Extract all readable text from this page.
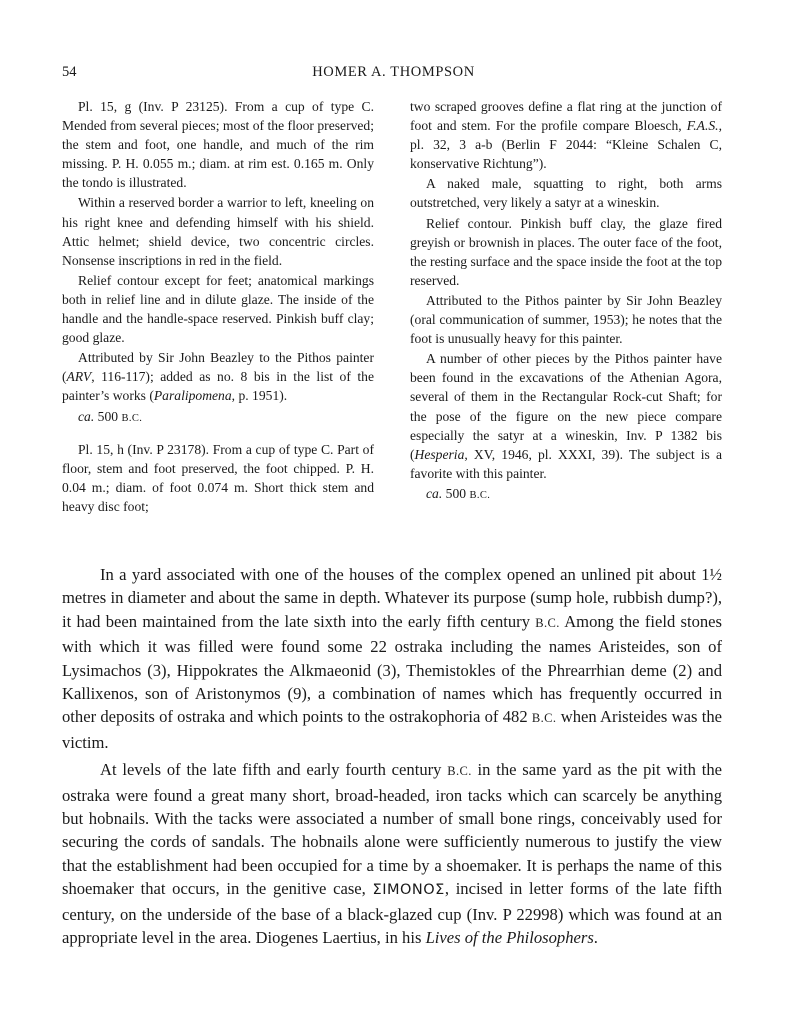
54	HOMER A. THOMPSON

Pl. 15, g (Inv. P 23125). From a cup of type C. Mended from several pieces; most of the floor preserved; the stem and foot, one handle, and much of the rim missing. P. H. 0.055 m.; diam. at rim est. 0.165 m. Only the tondo is illustrated.

Within a reserved border a warrior to left, kneeling on his right knee and defending himself with his shield. Attic helmet; shield device, two concentric circles. Nonsense inscriptions in red in the field.

Relief contour except for feet; anatomical markings both in relief line and in dilute glaze. The inside of the handle and the handle-space reserved. Pinkish buff clay; good glaze.

Attributed by Sir John Beazley to the Pithos painter (ARV, 116-117); added as no. 8 bis in the list of the painter’s works (Paralipomena, p. 1951).

ca. 500 B.C.

Pl. 15, h (Inv. P 23178). From a cup of type C. Part of floor, stem and foot preserved, the foot chipped. P. H. 0.04 m.; diam. of foot 0.074 m. Short thick stem and heavy disc foot;

two scraped grooves define a flat ring at the junction of foot and stem. For the profile compare Bloesch, F.A.S., pl. 32, 3 a-b (Berlin F 2044: “Kleine Schalen C, konservative Richtung”).

A naked male, squatting to right, both arms outstretched, very likely a satyr at a wineskin.

Relief contour. Pinkish buff clay, the glaze fired greyish or brownish in places. The outer face of the foot, the resting surface and the space inside the foot at the top reserved.

Attributed to the Pithos painter by Sir John Beazley (oral communication of summer, 1953); he notes that the foot is unusually heavy for this painter.

A number of other pieces by the Pithos painter have been found in the excavations of the Athenian Agora, several of them in the Rectangular Rock-cut Shaft; for the pose of the figure on the new piece compare especially the satyr at a wineskin, Inv. P 1382 bis (Hesperia, XV, 1946, pl. XXXI, 39). The subject is a favorite with this painter.

ca. 500 B.C.

In a yard associated with one of the houses of the complex opened an unlined pit about 1½ metres in diameter and about the same in depth. Whatever its purpose (sump hole, rubbish dump?), it had been maintained from the late sixth into the early fifth century B.C. Among the field stones with which it was filled were found some 22 ostraka including the names Aristeides, son of Lysimachos (3), Hippokrates the Alkmaeonid (3), Themistokles of the Phrearrhian deme (2) and Kallixenos, son of Aristonymos (9), a combination of names which has frequently occurred in other deposits of ostraka and which points to the ostrakophoria of 482 B.C. when Aristeides was the victim.

At levels of the late fifth and early fourth century B.C. in the same yard as the pit with the ostraka were found a great many short, broad-headed, iron tacks which can scarcely be anything but hobnails. With the tacks were associated a number of small bone rings, conceivably used for securing the cords of sandals. The hobnails alone were sufficiently numerous to justify the view that the establishment had been occupied for a time by a shoemaker. It is perhaps the name of this shoemaker that occurs, in the genitive case, ΣΙΜΟΝΟΣ, incised in letter forms of the late fifth century, on the underside of the base of a black-glazed cup (Inv. P 22998) which was found at an appropriate level in the area. Diogenes Laertius, in his Lives of the Philosophers.
